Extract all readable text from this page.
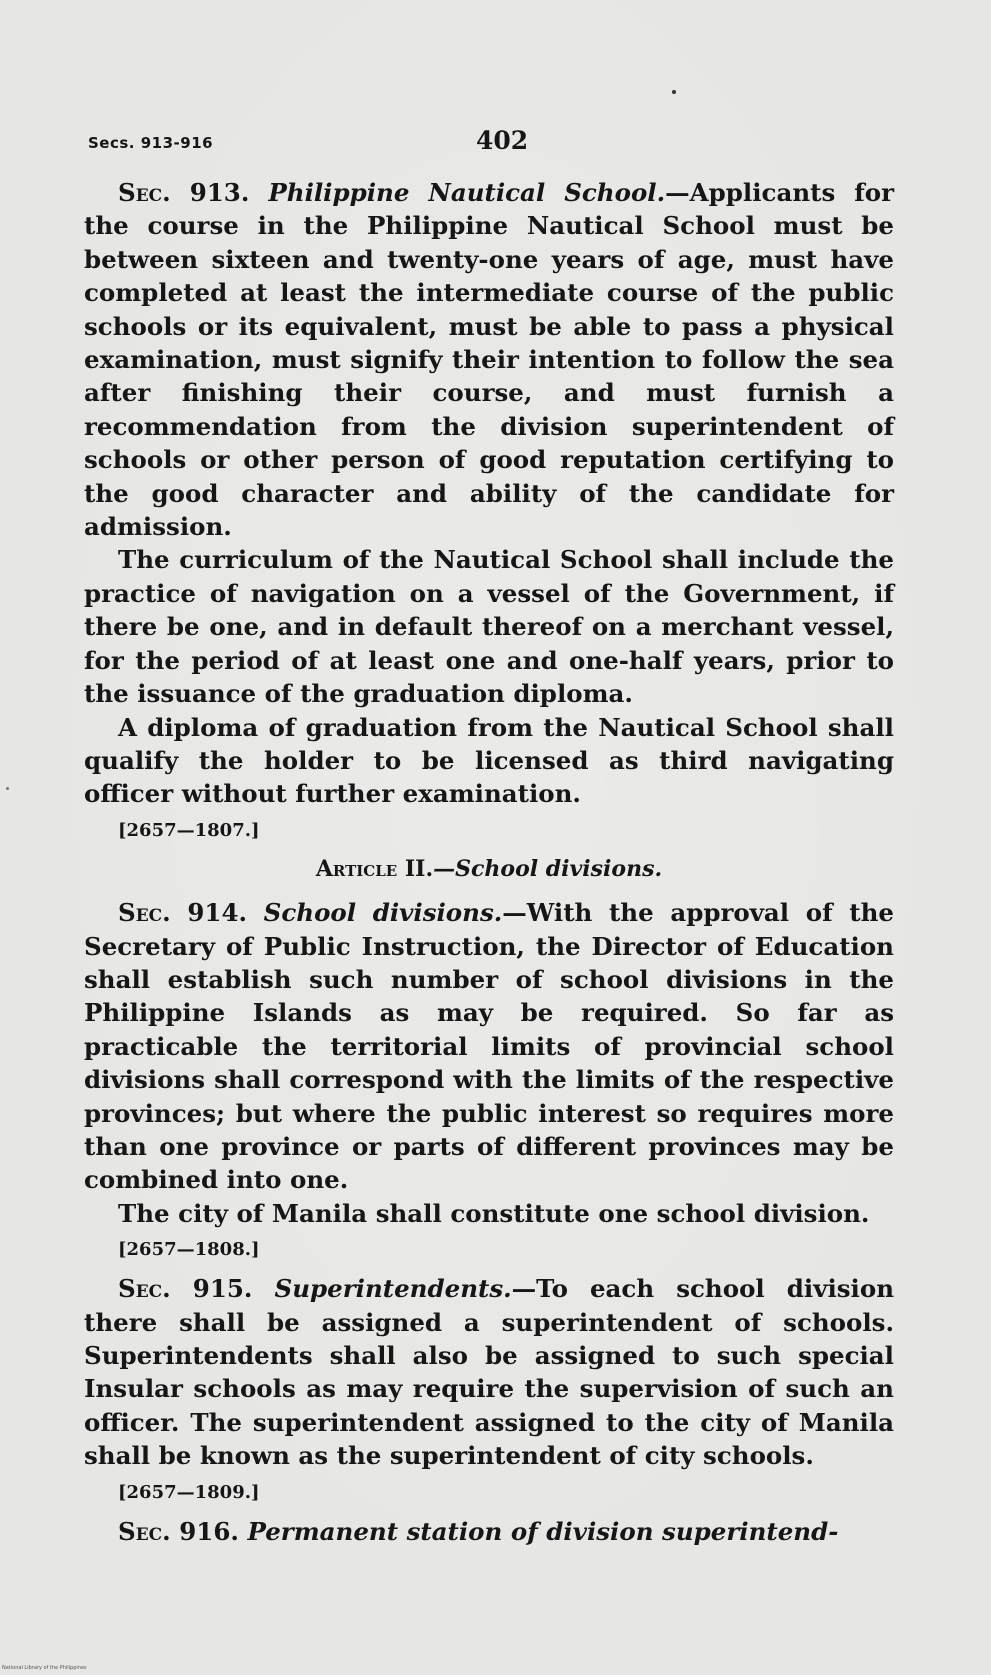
Secs. 913-916	402

Sec. 913. Philippine Nautical School.—Applicants for the course in the Philippine Nautical School must be between sixteen and twenty-one years of age, must have completed at least the intermediate course of the public schools or its equivalent, must be able to pass a physical examination, must signify their intention to follow the sea after finishing their course, and must furnish a recommendation from the division superintendent of schools or other person of good reputation certifying to the good character and ability of the candidate for admission.

The curriculum of the Nautical School shall include the practice of navigation on a vessel of the Government, if there be one, and in default thereof on a merchant vessel, for the period of at least one and one-half years, prior to the issuance of the graduation diploma.

A diploma of graduation from the Nautical School shall qualify the holder to be licensed as third navigating officer without further examination.

[2657—1807.]
Article II.—School divisions.

Sec. 914. School divisions.—With the approval of the Secretary of Public Instruction, the Director of Education shall establish such number of school divisions in the Philippine Islands as may be required. So far as practicable the territorial limits of provincial school divisions shall correspond with the limits of the respective provinces; but where the public interest so requires more than one province or parts of different provinces may be combined into one.

The city of Manila shall constitute one school division.

[2657—1808.]

Sec. 915. Superintendents.—To each school division there shall be assigned a superintendent of schools. Superintendents shall also be assigned to such special Insular schools as may require the supervision of such an officer. The superintendent assigned to the city of Manila shall be known as the superintendent of city schools.

[2657—1809.]

Sec. 916. Permanent station of division superintend-

National Library of the Philippines
